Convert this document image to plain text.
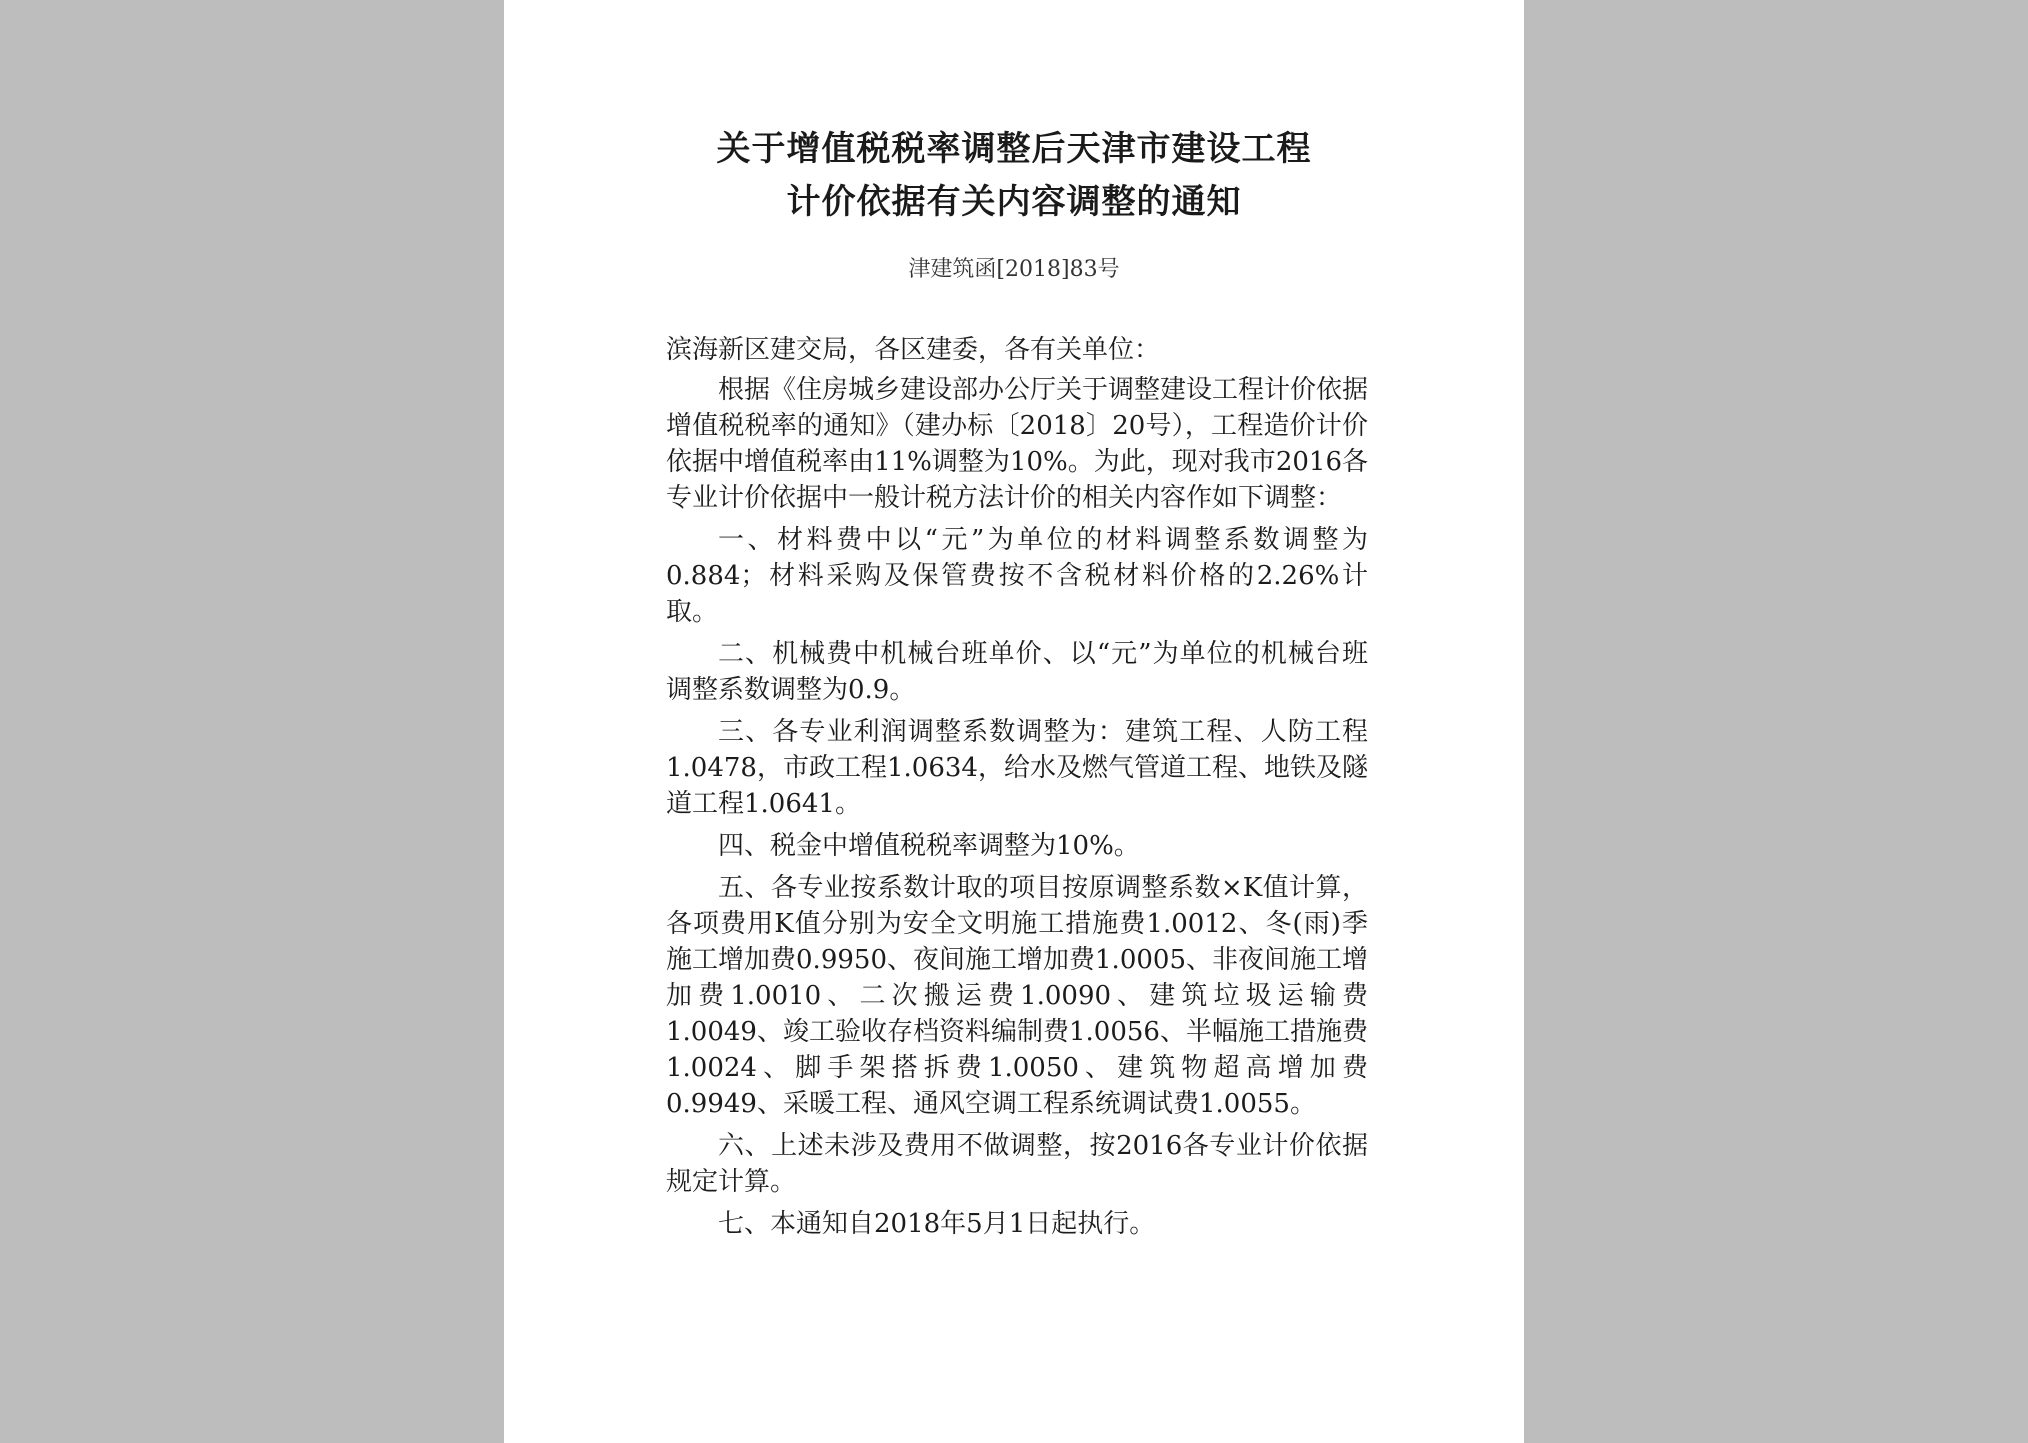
关于增值税税率调整后天津市建设工程
计价依据有关内容调整的通知
津建筑函[2018]83号

滨海新区建交局，各区建委，各有关单位：

根据《住房城乡建设部办公厅关于调整建设工程计价依据增值税税率的通知》（建办标〔2018〕20号），工程造价计价依据中增值税率由11%调整为10%。为此，现对我市2016各专业计价依据中一般计税方法计价的相关内容作如下调整：

一、材料费中以“元”为单位的材料调整系数调整为0.884；材料采购及保管费按不含税材料价格的2.26%计取。

二、机械费中机械台班单价、以“元”为单位的机械台班调整系数调整为0.9。

三、各专业利润调整系数调整为：建筑工程、人防工程1.0478，市政工程1.0634，给水及燃气管道工程、地铁及隧道工程1.0641。

四、税金中增值税税率调整为10%。

五、各专业按系数计取的项目按原调整系数×K值计算，各项费用K值分别为安全文明施工措施费1.0012、冬(雨)季施工增加费0.9950、夜间施工增加费1.0005、非夜间施工增加费1.0010、二次搬运费1.0090、建筑垃圾运输费1.0049、竣工验收存档资料编制费1.0056、半幅施工措施费1.0024、脚手架搭拆费1.0050、建筑物超高增加费0.9949、采暖工程、通风空调工程系统调试费1.0055。

六、上述未涉及费用不做调整，按2016各专业计价依据规定计算。

七、本通知自2018年5月1日起执行。
